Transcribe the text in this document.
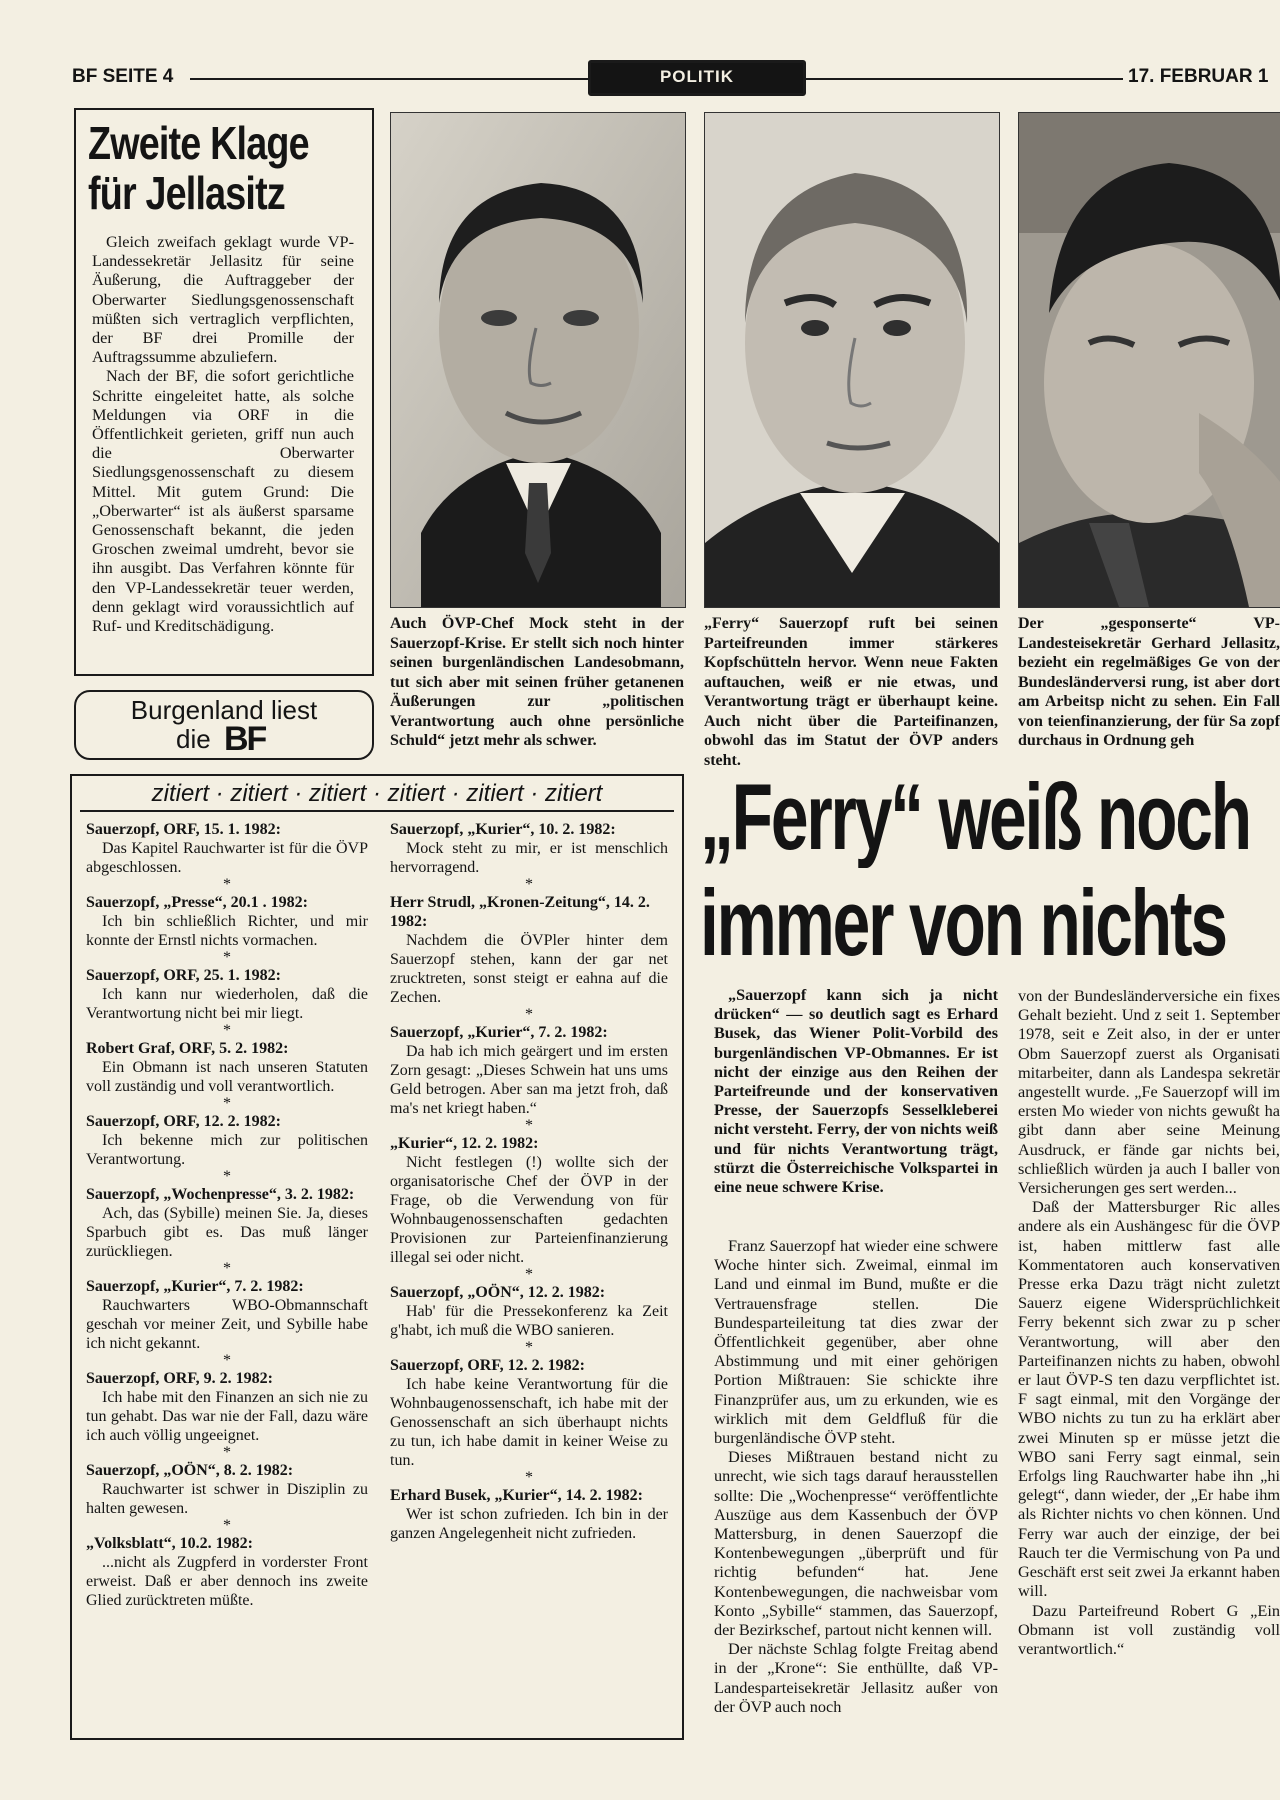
BF SEITE 4	POLITIK	17. FEBRUAR 1
Zweite Klage
für Jellasitz

Gleich zweifach geklagt wurde VP-Landessekretär Jellasitz für seine Äußerung, die Auftraggeber der Oberwarter Siedlungsgenossenschaft müßten sich vertraglich verpflichten, der BF drei Promille der Auftragssumme abzuliefern.

Nach der BF, die sofort gerichtliche Schritte eingeleitet hatte, als solche Meldungen via ORF in die Öffentlichkeit gerieten, griff nun auch die Oberwarter Siedlungsgenossenschaft zu diesem Mittel. Mit gutem Grund: Die „Oberwarter“ ist als äußerst sparsame Genossenschaft bekannt, die jeden Groschen zweimal umdreht, bevor sie ihn ausgibt. Das Verfahren könnte für den VP-Landessekretär teuer werden, denn geklagt wird voraussichtlich auf Ruf- und Kreditschädigung.

Burgenland liest
die BF
Auch ÖVP-Chef Mock steht in der Sauerzopf-Krise. Er stellt sich noch hinter seinen burgenländischen Landesobmann, tut sich aber mit seinen früher getanenen Äußerungen zur „politischen Verantwortung auch ohne persönliche Schuld“ jetzt mehr als schwer.
„Ferry“ Sauerzopf ruft bei seinen Parteifreunden immer stärkeres Kopfschütteln hervor. Wenn neue Fakten auftauchen, weiß er nie etwas, und Verantwortung trägt er überhaupt keine. Auch nicht über die Parteifinanzen, obwohl das im Statut der ÖVP anders steht.
Der „gesponserte“ VP-Landesteisekretär Gerhard Jellasitz, bezieht ein regelmäßiges Ge von der Bundesländerversi rung, ist aber dort am Arbeitsp nicht zu sehen. Ein Fall von teienfinanzierung, der für Sa zopf durchaus in Ordnung geh
zitiert · zitiert · zitiert · zitiert · zitiert · zitiert
Sauerzopf, ORF, 15. 1. 1982:
Das Kapitel Rauchwarter ist für die ÖVP abgeschlossen.
*
Sauerzopf, „Presse“, 20.1 . 1982:
Ich bin schließlich Richter, und mir konnte der Ernstl nichts vormachen.
*
Sauerzopf, ORF, 25. 1. 1982:
Ich kann nur wiederholen, daß die Verantwortung nicht bei mir liegt.
*
Robert Graf, ORF, 5. 2. 1982:
Ein Obmann ist nach unseren Statuten voll zuständig und voll verantwortlich.
*
Sauerzopf, ORF, 12. 2. 1982:
Ich bekenne mich zur politischen Verantwortung.
*
Sauerzopf, „Wochenpresse“, 3. 2. 1982:
Ach, das (Sybille) meinen Sie. Ja, dieses Sparbuch gibt es. Das muß länger zurückliegen.
*
Sauerzopf, „Kurier“, 7. 2. 1982:
Rauchwarters WBO-Obmannschaft geschah vor meiner Zeit, und Sybille habe ich nicht gekannt.
*
Sauerzopf, ORF, 9. 2. 1982:
Ich habe mit den Finanzen an sich nie zu tun gehabt. Das war nie der Fall, dazu wäre ich auch völlig ungeeignet.
*
Sauerzopf, „OÖN“, 8. 2. 1982:
Rauchwarter ist schwer in Disziplin zu halten gewesen.
*
„Volksblatt“, 10.2. 1982:
...nicht als Zugpferd in vorderster Front erweist. Daß er aber dennoch ins zweite Glied zurücktreten müßte.
Sauerzopf, „Kurier“, 10. 2. 1982:
Mock steht zu mir, er ist menschlich hervorragend.
*
Herr Strudl, „Kronen-Zeitung“, 14. 2. 1982:
Nachdem die ÖVPler hinter dem Sauerzopf stehen, kann der gar net zrucktreten, sonst steigt er eahna auf die Zechen.
*
Sauerzopf, „Kurier“, 7. 2. 1982:
Da hab ich mich geärgert und im ersten Zorn gesagt: „Dieses Schwein hat uns ums Geld betrogen. Aber san ma jetzt froh, daß ma's net kriegt haben.“
*
„Kurier“, 12. 2. 1982:
Nicht festlegen (!) wollte sich der organisatorische Chef der ÖVP in der Frage, ob die Verwendung von für Wohnbaugenossenschaften gedachten Provisionen zur Parteienfinanzierung illegal sei oder nicht.
*
Sauerzopf, „OÖN“, 12. 2. 1982:
Hab' für die Pressekonferenz ka Zeit g'habt, ich muß die WBO sanieren.
*
Sauerzopf, ORF, 12. 2. 1982:
Ich habe keine Verantwortung für die Wohnbaugenossenschaft, ich habe mit der Genossenschaft an sich überhaupt nichts zu tun, ich habe damit in keiner Weise zu tun.
*
Erhard Busek, „Kurier“, 14. 2. 1982:
Wer ist schon zufrieden. Ich bin in der ganzen Angelegenheit nicht zufrieden.
„Ferry“ weiß noch
immer von nichts

„Sauerzopf kann sich ja nicht drücken“ — so deutlich sagt es Erhard Busek, das Wiener Polit-Vorbild des burgenländischen VP-Obmannes. Er ist nicht der einzige aus den Reihen der Parteifreunde und der konservativen Presse, der Sauerzopfs Sesselkleberei nicht versteht. Ferry, der von nichts weiß und für nichts Verantwortung trägt, stürzt die Österreichische Volkspartei in eine neue schwere Krise.

Franz Sauerzopf hat wieder eine schwere Woche hinter sich. Zweimal, einmal im Land und einmal im Bund, mußte er die Vertrauensfrage stellen. Die Bundesparteileitung tat dies zwar der Öffentlichkeit gegenüber, aber ohne Abstimmung und mit einer gehörigen Portion Mißtrauen: Sie schickte ihre Finanzprüfer aus, um zu erkunden, wie es wirklich mit dem Geldfluß für die burgenländische ÖVP steht.

Dieses Mißtrauen bestand nicht zu unrecht, wie sich tags darauf herausstellen sollte: Die „Wochenpresse“ veröffentlichte Auszüge aus dem Kassenbuch der ÖVP Mattersburg, in denen Sauerzopf die Kontenbewegungen „überprüft und für richtig befunden“ hat. Jene Kontenbewegungen, die nachweisbar vom Konto „Sybille“ stammen, das Sauerzopf, der Bezirkschef, partout nicht kennen will.

Der nächste Schlag folgte Freitag abend in der „Krone“: Sie enthüllte, daß VP-Landesparteisekretär Jellasitz außer von der ÖVP auch noch

von der Bundesländerversiche ein fixes Gehalt bezieht. Und z seit 1. September 1978, seit e Zeit also, in der er unter Obm Sauerzopf zuerst als Organisati mitarbeiter, dann als Landespa sekretär angestellt wurde. „Fe Sauerzopf will im ersten Mo wieder von nichts gewußt ha gibt dann aber seine Meinung Ausdruck, er fände gar nichts bei, schließlich würden ja auch I baller von Versicherungen ges sert werden...

Daß der Mattersburger Ric alles andere als ein Aushängesc für die ÖVP ist, haben mittlerw fast alle Kommentatoren auch konservativen Presse erka Dazu trägt nicht zuletzt Sauerz eigene Widersprüchlichkeit Ferry bekennt sich zwar zu p scher Verantwortung, will aber den Parteifinanzen nichts zu haben, obwohl er laut ÖVP-S ten dazu verpflichtet ist. F sagt einmal, mit den Vorgänge der WBO nichts zu tun zu ha erklärt aber zwei Minuten sp er müsse jetzt die WBO sani Ferry sagt einmal, sein Erfolgs ling Rauchwarter habe ihn „hi gelegt“, dann wieder, der „Er habe ihm als Richter nichts vo chen können. Und Ferry war auch der einzige, der bei Rauch ter die Vermischung von Pa und Geschäft erst seit zwei Ja erkannt haben will.

Dazu Parteifreund Robert G „Ein Obmann ist voll zuständig voll verantwortlich.“
